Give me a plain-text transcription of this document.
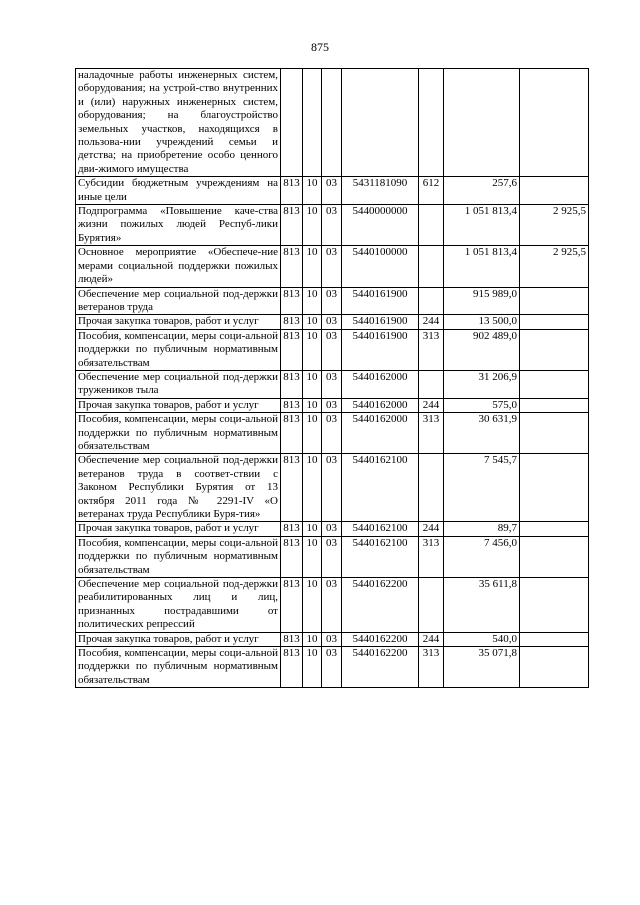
875
наладочные работы инженерных систем, оборудования; на устрой-ство внутренних и (или) наружных инженерных систем, оборудования; на благоустройство земельных участков, находящихся в пользова-нии учреждений семьи и детства; на приобретение особо ценного дви-жимого имущества							
Субсидии бюджетным учреждениям на иные цели	813	10	03	5431181090	612	257,6	
Подпрограмма «Повышение каче-ства жизни пожилых людей Респуб-лики Бурятия»	813	10	03	5440000000		1 051 813,4	2 925,5
Основное мероприятие «Обеспече-ние мерами социальной поддержки пожилых людей»	813	10	03	5440100000		1 051 813,4	2 925,5
Обеспечение мер социальной под-держки ветеранов труда	813	10	03	5440161900		915 989,0	
Прочая закупка товаров, работ и услуг	813	10	03	5440161900	244	13 500,0	
Пособия, компенсации, меры соци-альной поддержки по публичным нормативным обязательствам	813	10	03	5440161900	313	902 489,0	
Обеспечение мер социальной под-держки тружеников тыла	813	10	03	5440162000		31 206,9	
Прочая закупка товаров, работ и услуг	813	10	03	5440162000	244	575,0	
Пособия, компенсации, меры соци-альной поддержки по публичным нормативным обязательствам	813	10	03	5440162000	313	30 631,9	
Обеспечение мер социальной под-держки ветеранов труда в соответ-ствии с Законом Республики Бурятия от 13 октября 2011 года № 2291-IV «О ветеранах труда Республики Буря-тия»	813	10	03	5440162100		7 545,7	
Прочая закупка товаров, работ и услуг	813	10	03	5440162100	244	89,7	
Пособия, компенсации, меры соци-альной поддержки по публичным нормативным обязательствам	813	10	03	5440162100	313	7 456,0	
Обеспечение мер социальной под-держки реабилитированных лиц и лиц, признанных пострадавшими от политических репрессий	813	10	03	5440162200		35 611,8	
Прочая закупка товаров, работ и услуг	813	10	03	5440162200	244	540,0	
Пособия, компенсации, меры соци-альной поддержки по публичным нормативным обязательствам	813	10	03	5440162200	313	35 071,8	
